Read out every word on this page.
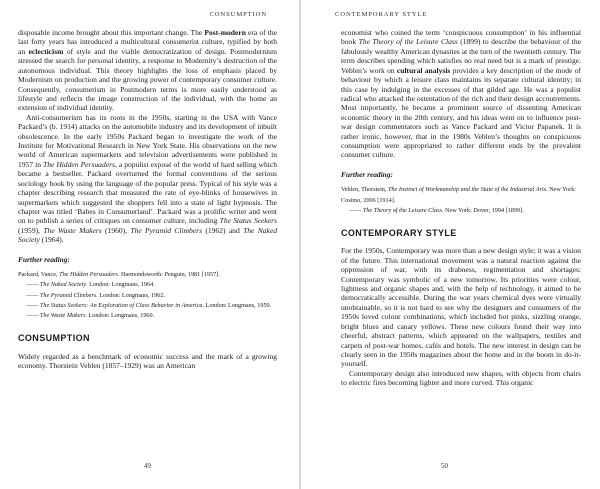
CONSUMPTION

disposable income brought about this important change. The Post-modern era of the last forty years has introduced a multicultural consumerist culture, typified by both an eclecticism of style and the viable democratization of design. Postmodernism stressed the search for personal identity, a response to Modernity’s destruction of the autonomous individual. This theory highlights the loss of emphasis placed by Modernism on production and the growing power of contemporary consumer culture. Consequently, consumerism in Postmodern terms is more easily understood as lifestyle and reflects the image construction of the individual, with the home an extension of individual identity.

Anti-consumerism has its roots in the 1950s, starting in the USA with Vance Packard’s (b. 1914) attacks on the automobile industry and its development of inbuilt obsolescence. In the early 1950s Packard began to investigate the work of the Institute for Motivational Research in New York State. His observations on the new world of American supermarkets and television advertisements were published in 1957 in The Hidden Persuaders, a populist exposé of the world of hard selling which became a bestseller. Packard overturned the formal conventions of the serious sociology book by using the language of the popular press. Typical of his style was a chapter describing research that measured the rate of eye-blinks of housewives in supermarkets which suggested the shoppers fell into a state of light hypnosis. The chapter was titled ‘Babes in Consumerland’. Packard was a prolific writer and went on to publish a series of critiques on consumer culture, including The Status Seekers (1959), The Waste Makers (1960), The Pyramid Climbers (1962) and The Naked Society (1964).

Further reading:
Packard, Vance, The Hidden Persuaders. Harmondsworth: Penguin, 1981 [1957].
—— The Naked Society. London: Longmans, 1964.
—— The Pyramid Climbers. London: Longmans, 1962.
—— The Status Seekers: An Exploration of Class Behavior in America. London: Longmans, 1959.
—— The Waste Makers. London: Longmans, 1960.
CONSUMPTION

Widely regarded as a benchmark of economic success and the mark of a growing economy. Thorstein Veblen (1857–1929) was an American

49
CONTEMPORARY STYLE

economist who coined the term ‘conspicuous consumption’ in his influential book The Theory of the Leisure Class (1899) to describe the behaviour of the fabulously wealthy American dynasties at the turn of the twentieth century. The term describes spending which satisfies no real need but is a mark of prestige. Veblen’s work on cultural analysis provides a key description of the mode of behaviour by which a leisure class maintains its separate cultural identity; in this case by indulging in the excesses of that gilded age. He was a populist radical who attacked the ostentation of the rich and their design accoutrements. Most importantly, he became a prominent source of dissenting American economic theory in the 20th century, and his ideas went on to influence post-war design commentators such as Vance Packard and Victor Papanek. It is rather ironic, however, that in the 1980s Veblen’s thoughts on conspicuous consumption were appropriated to rather different ends by the prevalent consumer culture.

Further reading:
Veblen, Thorstein, The Instinct of Workmanship and the State of the Industrial Arts. New York: Cosimo, 2006 [1914].
—— The Theory of the Leisure Class. New York: Dover, 1994 [1899].
CONTEMPORARY STYLE

For the 1950s, Contemporary was more than a new design style; it was a vision of the future. This international movement was a natural reaction against the oppression of war, with its drabness, regimentation and shortages: Contemporary was symbolic of a new tomorrow. Its priorities were colour, lightness and organic shapes and, with the help of technology, it aimed to be democratically accessible. During the war years chemical dyes were virtually unobtainable, so it is not hard to see why the designers and consumers of the 1950s loved colour combinations, which included hot pinks, sizzling orange, bright blues and canary yellows. These new colours found their way into cheerful, abstract patterns, which appeared on the wallpapers, textiles and carpets of post-war homes, cafés and hotels. The new interest in design can be clearly seen in the 1950s magazines about the home and in the boom in do-it-yourself.

Contemporary design also introduced new shapes, with objects from chairs to electric fires becoming lighter and more curved. This organic

50
